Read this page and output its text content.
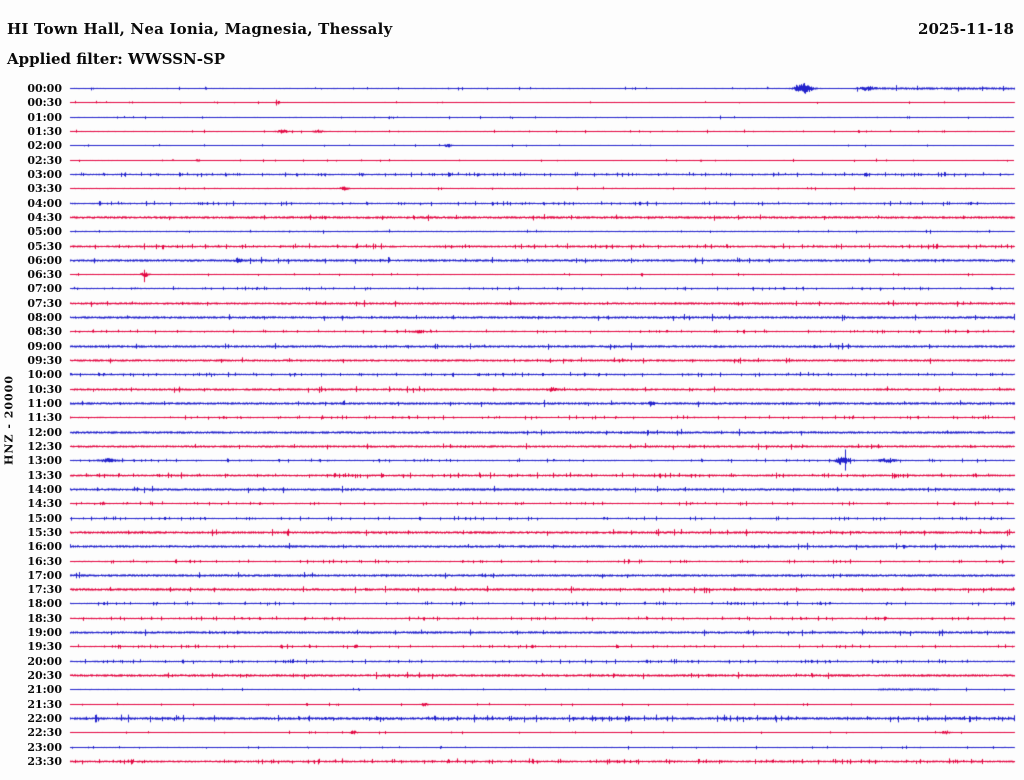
HI Town Hall, Nea Ionia, Magnesia, Thessaly	2025-11-18
Applied filter: WWSSN-SP
HNZ - 20000
00:00
00:30
01:00
01:30
02:00
02:30
03:00
03:30
04:00
04:30
05:00
05:30
06:00
06:30
07:00
07:30
08:00
08:30
09:00
09:30
10:00
10:30
11:00
11:30
12:00
12:30
13:00
13:30
14:00
14:30
15:00
15:30
16:00
16:30
17:00
17:30
18:00
18:30
19:00
19:30
20:00
20:30
21:00
21:30
22:00
22:30
23:00
23:30
